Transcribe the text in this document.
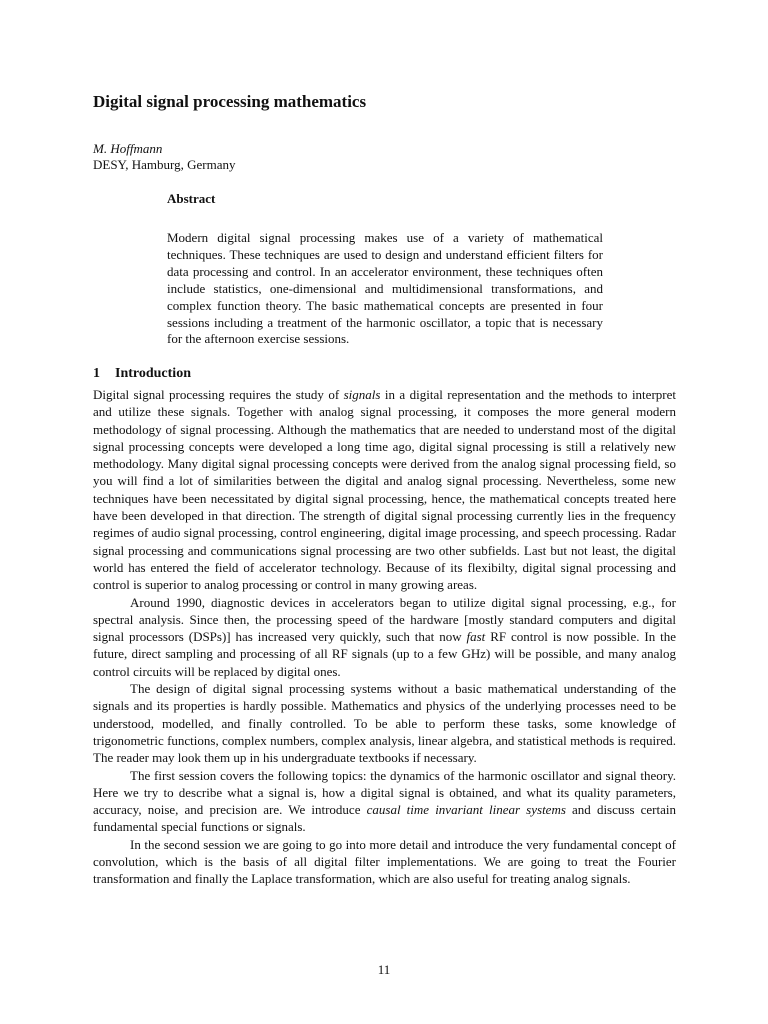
Digital signal processing mathematics
M. Hoffmann
DESY, Hamburg, Germany
Abstract

Modern digital signal processing makes use of a variety of mathematical techniques. These techniques are used to design and understand efficient filters for data processing and control. In an accelerator environment, these techniques often include statistics, one-dimensional and multidimensional transformations, and complex function theory. The basic mathematical concepts are presented in four sessions including a treatment of the harmonic oscillator, a topic that is necessary for the afternoon exercise sessions.

1 Introduction

Digital signal processing requires the study of signals in a digital representation and the methods to interpret and utilize these signals. Together with analog signal processing, it composes the more general modern methodology of signal processing. Although the mathematics that are needed to understand most of the digital signal processing concepts were developed a long time ago, digital signal processing is still a relatively new methodology. Many digital signal processing concepts were derived from the analog signal processing field, so you will find a lot of similarities between the digital and analog signal processing. Nevertheless, some new techniques have been necessitated by digital signal processing, hence, the mathematical concepts treated here have been developed in that direction. The strength of digital signal processing currently lies in the frequency regimes of audio signal processing, control engineering, digital image processing, and speech processing. Radar signal processing and communications signal processing are two other subfields. Last but not least, the digital world has entered the field of accelerator technology. Because of its flexibilty, digital signal processing and control is superior to analog processing or control in many growing areas.

Around 1990, diagnostic devices in accelerators began to utilize digital signal processing, e.g., for spectral analysis. Since then, the processing speed of the hardware [mostly standard computers and digital signal processors (DSPs)] has increased very quickly, such that now fast RF control is now possible. In the future, direct sampling and processing of all RF signals (up to a few GHz) will be possible, and many analog control circuits will be replaced by digital ones.

The design of digital signal processing systems without a basic mathematical understanding of the signals and its properties is hardly possible. Mathematics and physics of the underlying processes need to be understood, modelled, and finally controlled. To be able to perform these tasks, some knowledge of trigonometric functions, complex numbers, complex analysis, linear algebra, and statistical methods is required. The reader may look them up in his undergraduate textbooks if necessary.

The first session covers the following topics: the dynamics of the harmonic oscillator and signal theory. Here we try to describe what a signal is, how a digital signal is obtained, and what its quality parameters, accuracy, noise, and precision are. We introduce causal time invariant linear systems and discuss certain fundamental special functions or signals.

In the second session we are going to go into more detail and introduce the very fundamental concept of convolution, which is the basis of all digital filter implementations. We are going to treat the Fourier transformation and finally the Laplace transformation, which are also useful for treating analog signals.

11
